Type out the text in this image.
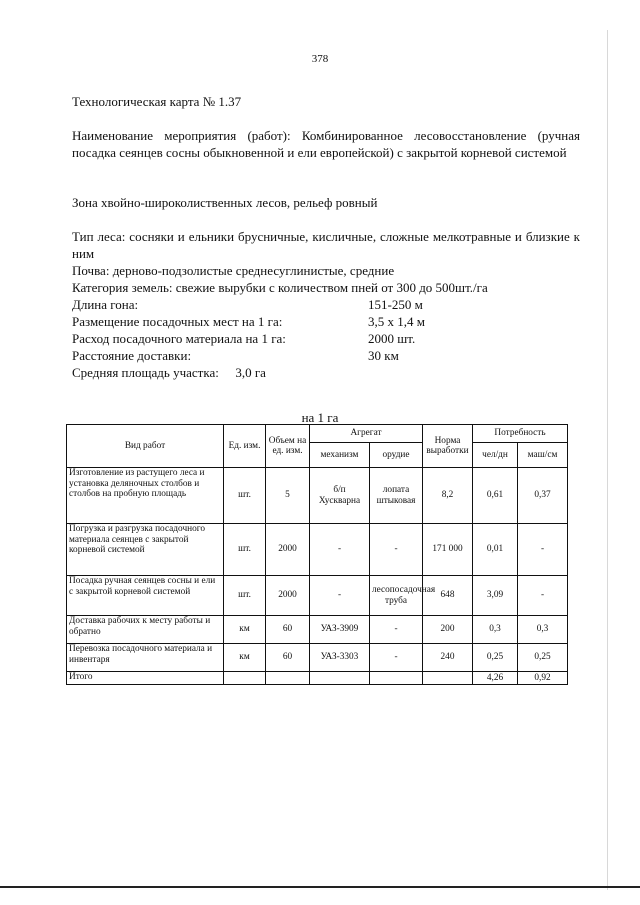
378
Технологическая карта № 1.37
Наименование мероприятия (работ): Комбинированное лесовосстановление (ручная посадка сеянцев сосны обыкновенной и ели европейской) с закрытой корневой системой
Зона хвойно-широколиственных лесов, рельеф ровный
Тип леса: сосняки и ельники брусничные, кисличные, сложные мелкотравные и близкие к ним
Почва: дерново-подзолистые среднесуглинистые, средние
Категория земель: свежие вырубки с количеством пней от 300 до 500шт./га
Длина гона:	151-250 м
Размещение посадочных мест на 1 га:	3,5 х 1,4 м
Расход посадочного материала на 1 га:	2000 шт.
Расстояние доставки:	30 км
Средняя площадь участка: 3,0 га
на 1 га
Вид работ	Ед. изм.	Объем на ед. изм.	Агрегат		Норма выработки	Потребность	
			механизм	орудие		чел/дн	маш/см
Изготовление из растущего леса и установка деляночных столбов и столбов на пробную площадь	шт.	5	б/п Хускварна	лопата штыковая	8,2	0,61	0,37
Погрузка и разгрузка посадочного материала сеянцев с закрытой корневой системой	шт.	2000	-	-	171 000	0,01	-
Посадка ручная сеянцев сосны и ели с закрытой корневой системой	шт.	2000	-	лесопосадочная труба	648	3,09	-
Доставка рабочих к месту работы и обратно	км	60	УАЗ-3909	-	200	0,3	0,3
Перевозка посадочного материала и инвентаря	км	60	УАЗ-3303	-	240	0,25	0,25
Итого						4,26	0,92
